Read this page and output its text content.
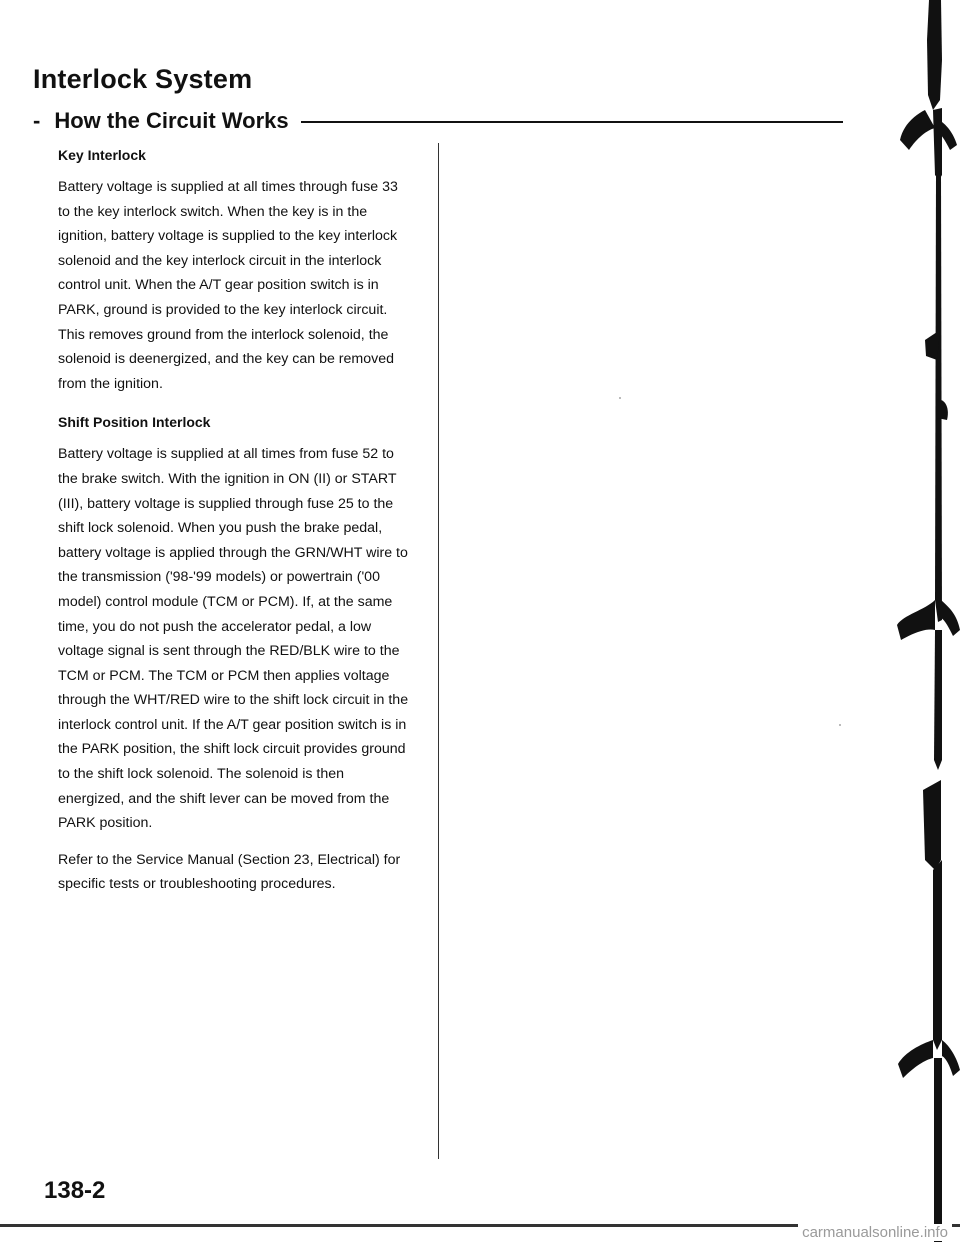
Interlock System
- How the Circuit Works
Key Interlock

Battery voltage is supplied at all times through fuse 33 to the key interlock switch. When the key is in the ignition, battery voltage is supplied to the key interlock solenoid and the key interlock circuit in the interlock control unit. When the A/T gear position switch is in PARK, ground is provided to the key interlock circuit. This removes ground from the interlock solenoid, the solenoid is deenergized, and the key can be removed from the ignition.

Shift Position Interlock

Battery voltage is supplied at all times from fuse 52 to the brake switch. With the ignition in ON (II) or START (III), battery voltage is supplied through fuse 25 to the shift lock solenoid. When you push the brake pedal, battery voltage is applied through the GRN/WHT wire to the transmission ('98-'99 models) or powertrain ('00 model) control module (TCM or PCM). If, at the same time, you do not push the accelerator pedal, a low voltage signal is sent through the RED/BLK wire to the TCM or PCM. The TCM or PCM then applies voltage through the WHT/RED wire to the shift lock circuit in the interlock control unit. If the A/T gear position switch is in the PARK position, the shift lock circuit provides ground to the shift lock solenoid. The solenoid is then energized, and the shift lever can be moved from the PARK position.

Refer to the Service Manual (Section 23, Electrical) for specific tests or troubleshooting procedures.

138-2
carmanualsonline.info
